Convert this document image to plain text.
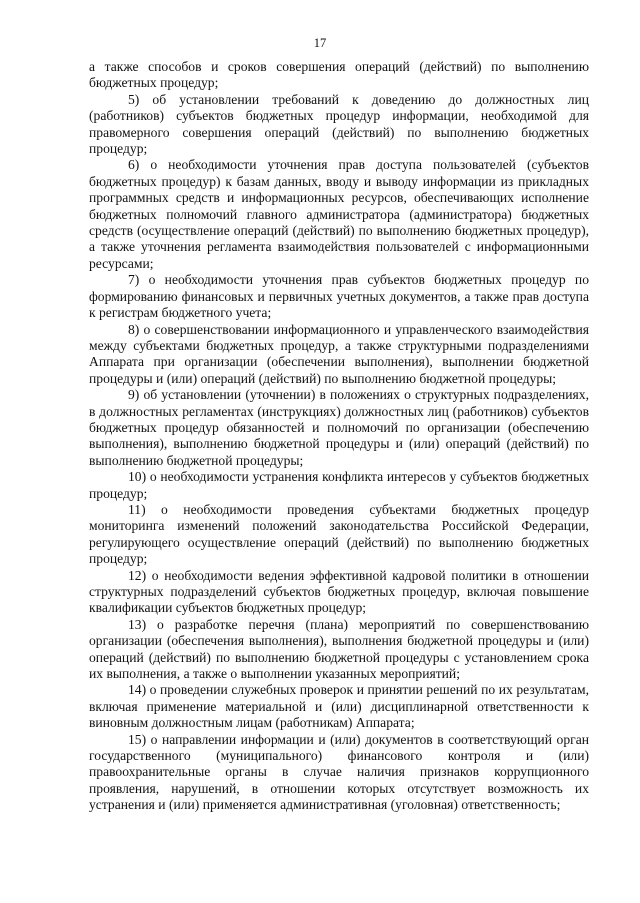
17

а также способов и сроков совершения операций (действий) по выполнению бюджетных процедур;

5) об установлении требований к доведению до должностных лиц (работников) субъектов бюджетных процедур информации, необходимой для правомерного совершения операций (действий) по выполнению бюджетных процедур;

6) о необходимости уточнения прав доступа пользователей (субъектов бюджетных процедур) к базам данных, вводу и выводу информации из прикладных программных средств и информационных ресурсов, обеспечивающих исполнение бюджетных полномочий главного администратора (администратора) бюджетных средств (осуществление операций (действий) по выполнению бюджетных процедур), а также уточнения регламента взаимодействия пользователей с информационными ресурсами;

7) о необходимости уточнения прав субъектов бюджетных процедур по формированию финансовых и первичных учетных документов, а также прав доступа к регистрам бюджетного учета;

8) о совершенствовании информационного и управленческого взаимодействия между субъектами бюджетных процедур, а также структурными подразделениями Аппарата при организации (обеспечении выполнения), выполнении бюджетной процедуры и (или) операций (действий) по выполнению бюджетной процедуры;

9) об установлении (уточнении) в положениях о структурных подразделениях, в должностных регламентах (инструкциях) должностных лиц (работников) субъектов бюджетных процедур обязанностей и полномочий по организации (обеспечению выполнения), выполнению бюджетной процедуры и (или) операций (действий) по выполнению бюджетной процедуры;

10) о необходимости устранения конфликта интересов у субъектов бюджетных процедур;

11) о необходимости проведения субъектами бюджетных процедур мониторинга изменений положений законодательства Российской Федерации, регулирующего осуществление операций (действий) по выполнению бюджетных процедур;

12) о необходимости ведения эффективной кадровой политики в отношении структурных подразделений субъектов бюджетных процедур, включая повышение квалификации субъектов бюджетных процедур;

13) о разработке перечня (плана) мероприятий по совершенствованию организации (обеспечения выполнения), выполнения бюджетной процедуры и (или) операций (действий) по выполнению бюджетной процедуры с установлением срока их выполнения, а также о выполнении указанных мероприятий;

14) о проведении служебных проверок и принятии решений по их результатам, включая применение материальной и (или) дисциплинарной ответственности к виновным должностным лицам (работникам) Аппарата;

15) о направлении информации и (или) документов в соответствующий орган государственного (муниципального) финансового контроля и (или) правоохранительные органы в случае наличия признаков коррупционного проявления, нарушений, в отношении которых отсутствует возможность их устранения и (или) применяется административная (уголовная) ответственность;
